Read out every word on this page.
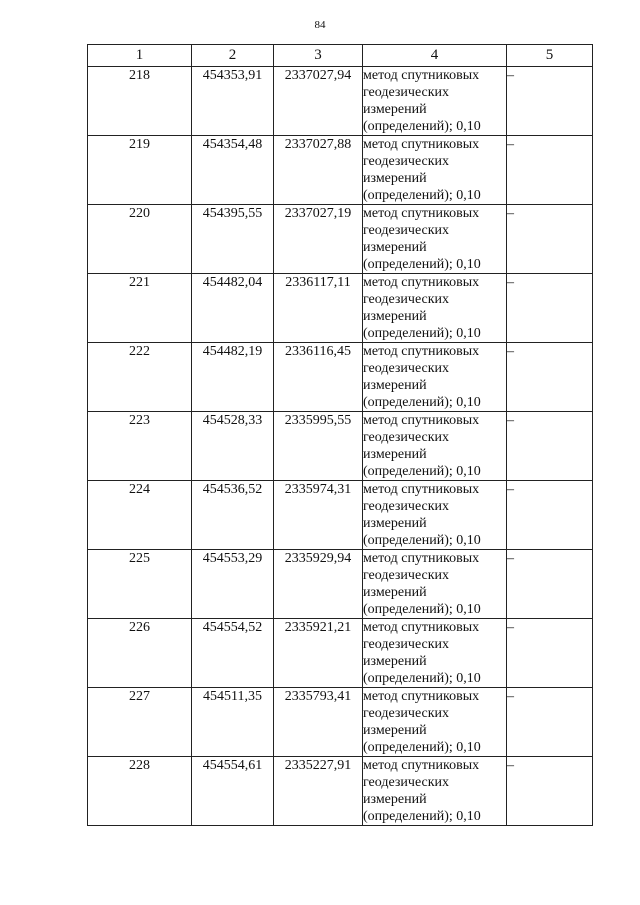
84
1	2	3	4	5
218	454353,91	2337027,94	метод спутниковых
геодезических
измерений
(определений); 0,10	–
219	454354,48	2337027,88	метод спутниковых
геодезических
измерений
(определений); 0,10	–
220	454395,55	2337027,19	метод спутниковых
геодезических
измерений
(определений); 0,10	–
221	454482,04	2336117,11	метод спутниковых
геодезических
измерений
(определений); 0,10	–
222	454482,19	2336116,45	метод спутниковых
геодезических
измерений
(определений); 0,10	–
223	454528,33	2335995,55	метод спутниковых
геодезических
измерений
(определений); 0,10	–
224	454536,52	2335974,31	метод спутниковых
геодезических
измерений
(определений); 0,10	–
225	454553,29	2335929,94	метод спутниковых
геодезических
измерений
(определений); 0,10	–
226	454554,52	2335921,21	метод спутниковых
геодезических
измерений
(определений); 0,10	–
227	454511,35	2335793,41	метод спутниковых
геодезических
измерений
(определений); 0,10	–
228	454554,61	2335227,91	метод спутниковых
геодезических
измерений
(определений); 0,10	–
